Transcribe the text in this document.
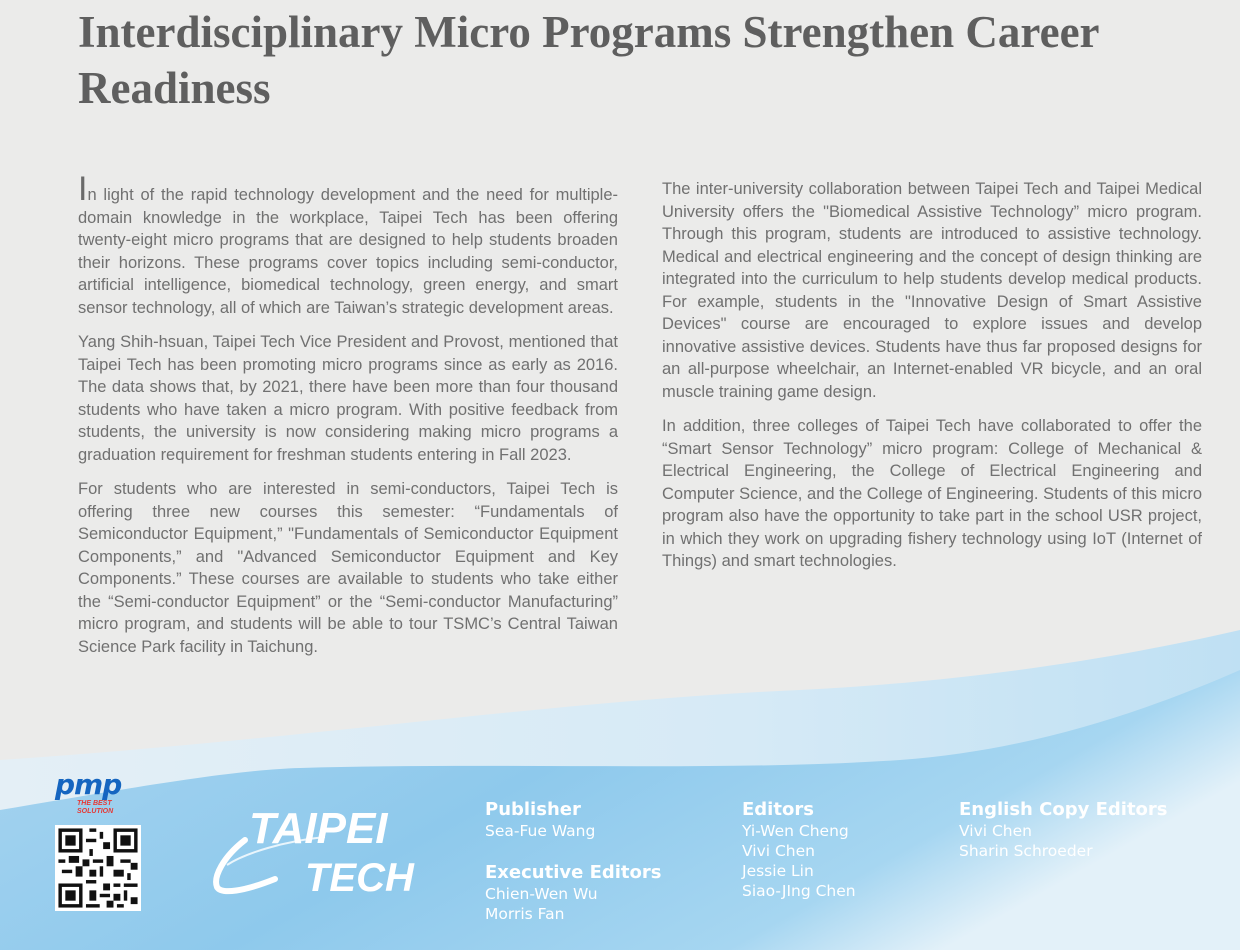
Interdisciplinary Micro Programs Strengthen Career Readiness

In light of the rapid technology development and the need for multiple-domain knowledge in the workplace, Taipei Tech has been offering twenty-eight micro programs that are designed to help students broaden their horizons. These programs cover topics including semi-conductor, artificial intelligence, biomedical technology, green energy, and smart sensor technology, all of which are Taiwan’s strategic development areas.

Yang Shih-hsuan, Taipei Tech Vice President and Provost, mentioned that Taipei Tech has been promoting micro programs since as early as 2016. The data shows that, by 2021, there have been more than four thousand students who have taken a micro program. With positive feedback from students, the university is now considering making micro programs a graduation requirement for freshman students entering in Fall 2023.

For students who are interested in semi-conductors, Taipei Tech is offering three new courses this semester: “Fundamentals of Semiconductor Equipment,” "Fundamentals of Semiconductor Equipment Components,” and "Advanced Semiconductor Equipment and Key Components.” These courses are available to students who take either the “Semi-conductor Equipment” or the “Semi-conductor Manufacturing” micro program, and students will be able to tour TSMC’s Central Taiwan Science Park facility in Taichung.

The inter-university collaboration between Taipei Tech and Taipei Medical University offers the "Biomedical Assistive Technology” micro program. Through this program, students are introduced to assistive technology. Medical and electrical engineering and the concept of design thinking are integrated into the curriculum to help students develop medical products. For example, students in the "Innovative Design of Smart Assistive Devices" course are encouraged to explore issues and develop innovative assistive devices. Students have thus far proposed designs for an all-purpose wheelchair, an Internet-enabled VR bicycle, and an oral muscle training game design.

In addition, three colleges of Taipei Tech have collaborated to offer the “Smart Sensor Technology” micro program: College of Mechanical & Electrical Engineering, the College of Electrical Engineering and Computer Science, and the College of Engineering. Students of this micro program also have the opportunity to take part in the school USR project, in which they work on upgrading fishery technology using IoT (Internet of Things) and smart technologies.

pmp
THE BEST SOLUTION	TAIPEI
TECH

Publisher

Sea-Fue Wang

Executive Editors

Chien-Wen Wu

Morris Fan

Editors

Yi-Wen Cheng

Vivi Chen

Jessie Lin

Siao-JIng Chen

English Copy Editors

Vivi Chen

Sharin Schroeder
